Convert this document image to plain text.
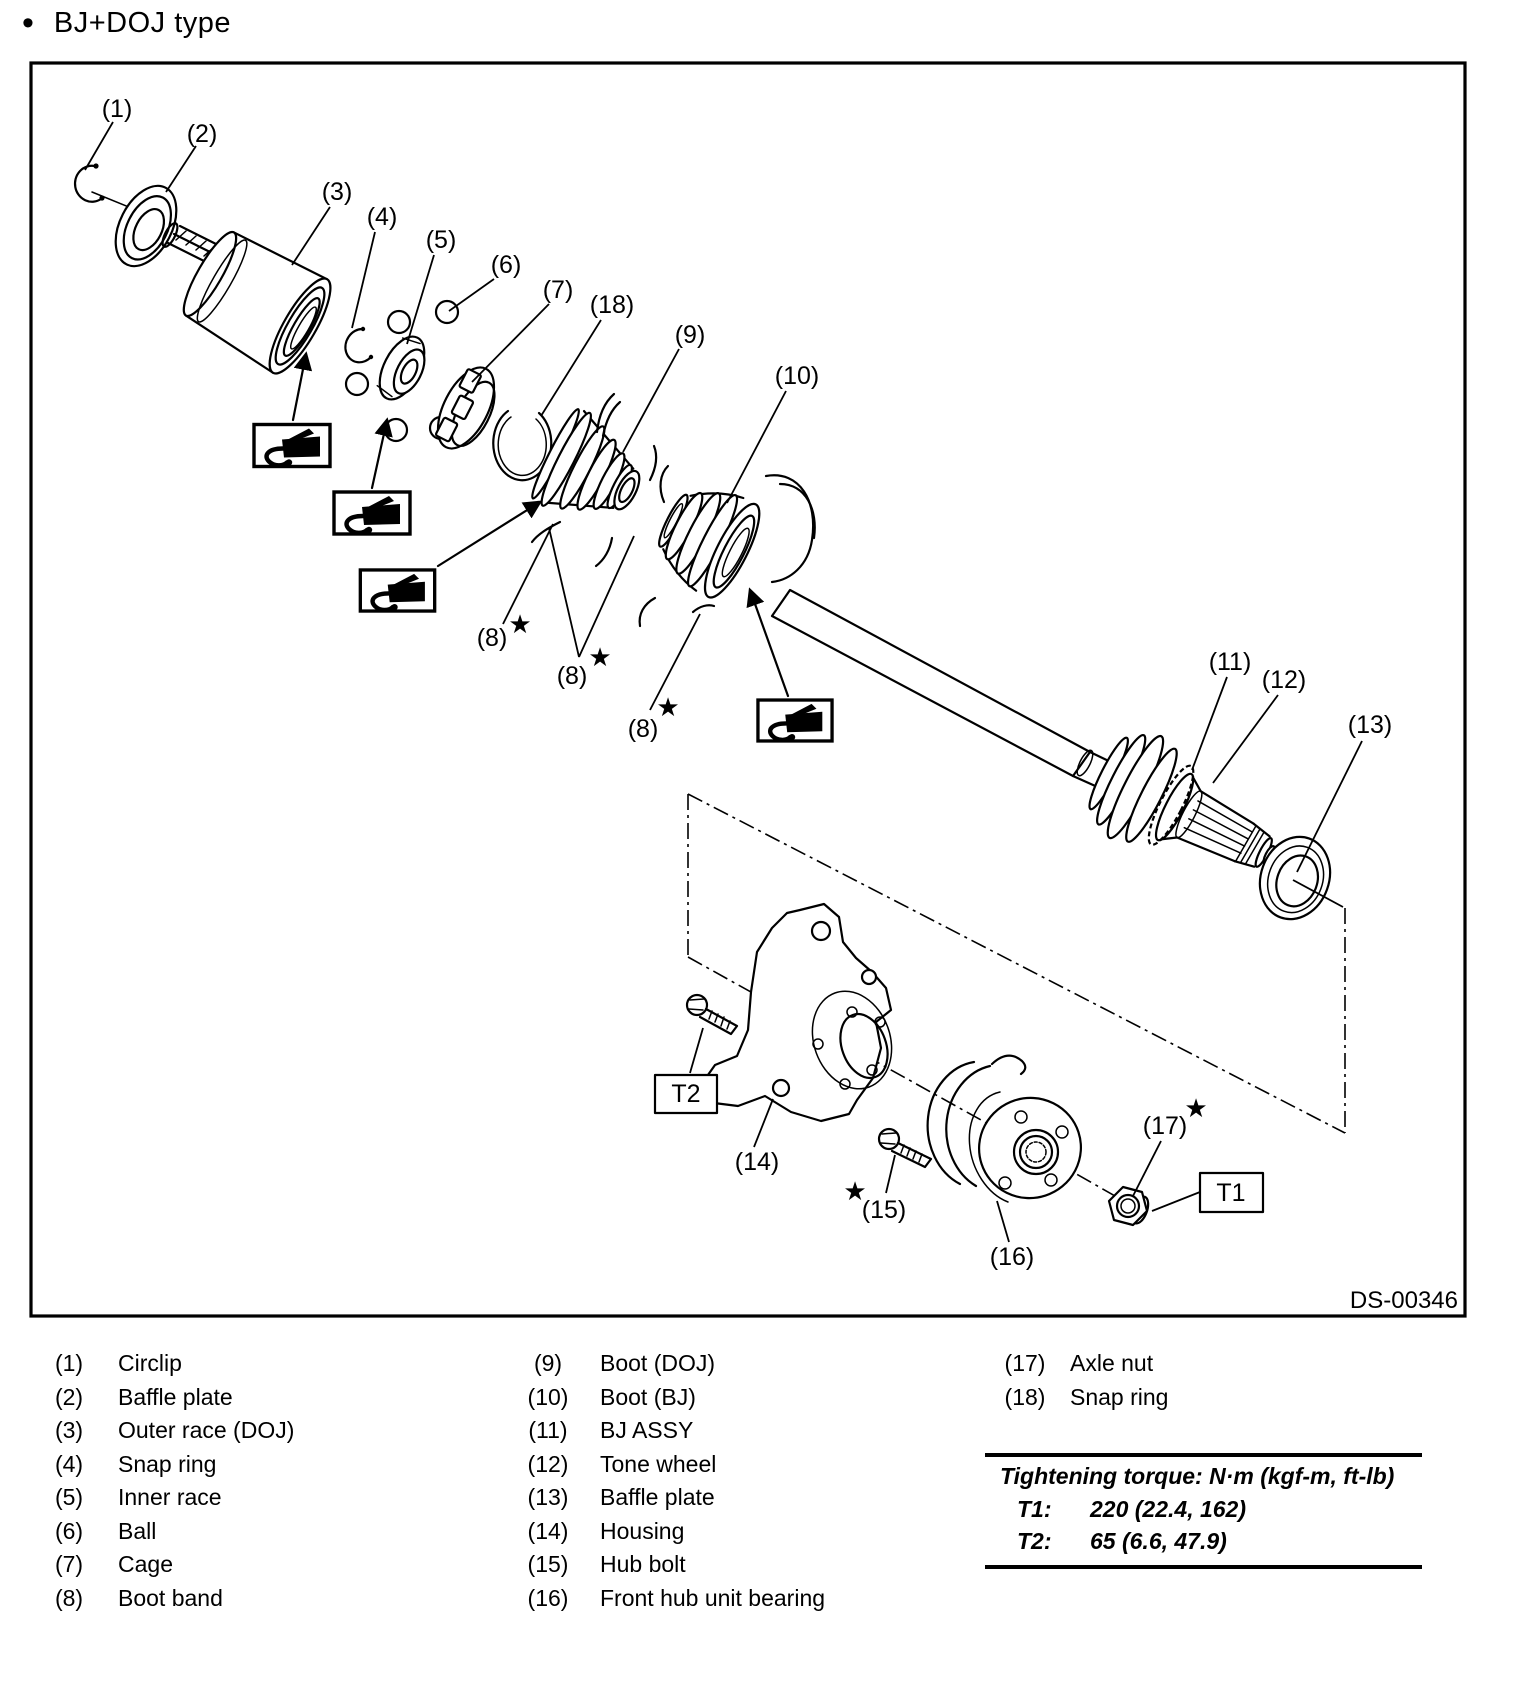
• BJ+DOJ type
T2
T1
(1)
(2)
(3)
(4)
(5)
(6)
(7)
(18)
(9)
(10)
(8)
(8)
(8)
(11)
(12)
(13)
(14)
(15)
(16)
(17)
★
★
★
★
★
DS-00346
(1) Circlip
(2) Baffle plate
(3) Outer race (DOJ)
(4) Snap ring
(5) Inner race
(6) Ball
(7) Cage
(8) Boot band
(9) Boot (DOJ)
(10) Boot (BJ)
(11) BJ ASSY
(12) Tone wheel
(13) Baffle plate
(14) Housing
(15) Hub bolt
(16) Front hub unit bearing
(17) Axle nut
(18) Snap ring
Tightening torque: N·m (kgf-m, ft-lb)
T1: 220 (22.4, 162)
T2: 65 (6.6, 47.9)
